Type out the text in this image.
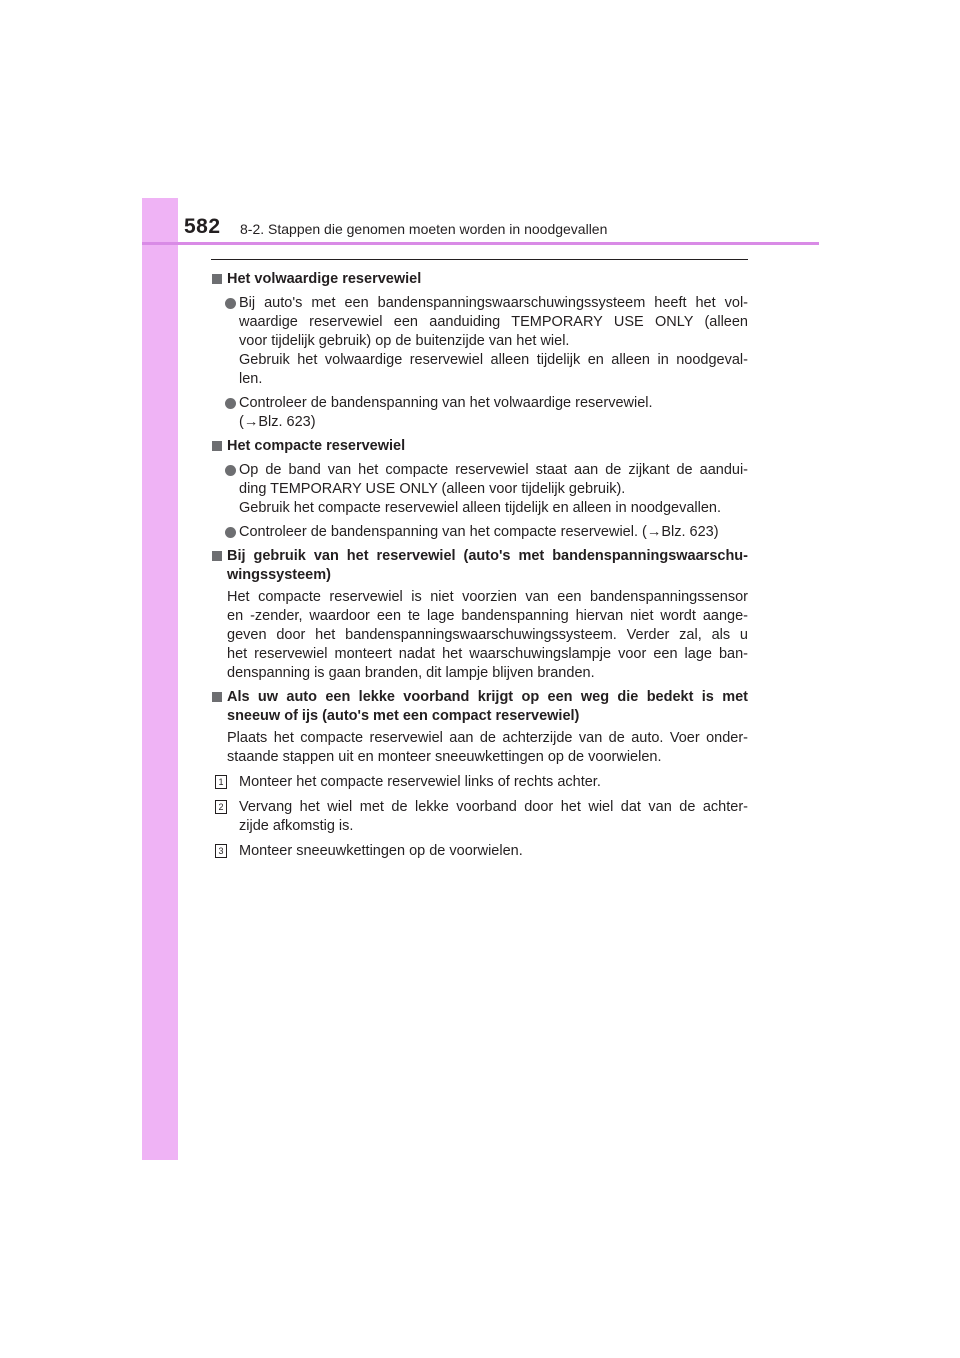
582 8-2. Stappen die genomen moeten worden in noodgevallen
Het volwaardige reservewiel
Bij auto's met een bandenspanningswaarschuwingssysteem heeft het vol-
waardige reservewiel een aanduiding TEMPORARY USE ONLY (alleen
voor tijdelijk gebruik) op de buitenzijde van het wiel.
Gebruik het volwaardige reservewiel alleen tijdelijk en alleen in noodgeval-
len.
Controleer de bandenspanning van het volwaardige reservewiel.
(→Blz. 623)
Het compacte reservewiel
Op de band van het compacte reservewiel staat aan de zijkant de aandui-
ding TEMPORARY USE ONLY (alleen voor tijdelijk gebruik).
Gebruik het compacte reservewiel alleen tijdelijk en alleen in noodgevallen.
Controleer de bandenspanning van het compacte reservewiel. (→Blz. 623)
Bij gebruik van het reservewiel (auto's met bandenspanningswaarschu-
wingssysteem)
Het compacte reservewiel is niet voorzien van een bandenspanningssensor
en -zender, waardoor een te lage bandenspanning hiervan niet wordt aange-
geven door het bandenspanningswaarschuwingssysteem. Verder zal, als u
het reservewiel monteert nadat het waarschuwingslampje voor een lage ban-
denspanning is gaan branden, dit lampje blijven branden.
Als uw auto een lekke voorband krijgt op een weg die bedekt is met
sneeuw of ijs (auto's met een compact reservewiel)
Plaats het compacte reservewiel aan de achterzijde van de auto. Voer onder-
staande stappen uit en monteer sneeuwkettingen op de voorwielen.
1 Monteer het compacte reservewiel links of rechts achter.
2 Vervang het wiel met de lekke voorband door het wiel dat van de achter-
zijde afkomstig is.
3 Monteer sneeuwkettingen op de voorwielen.
